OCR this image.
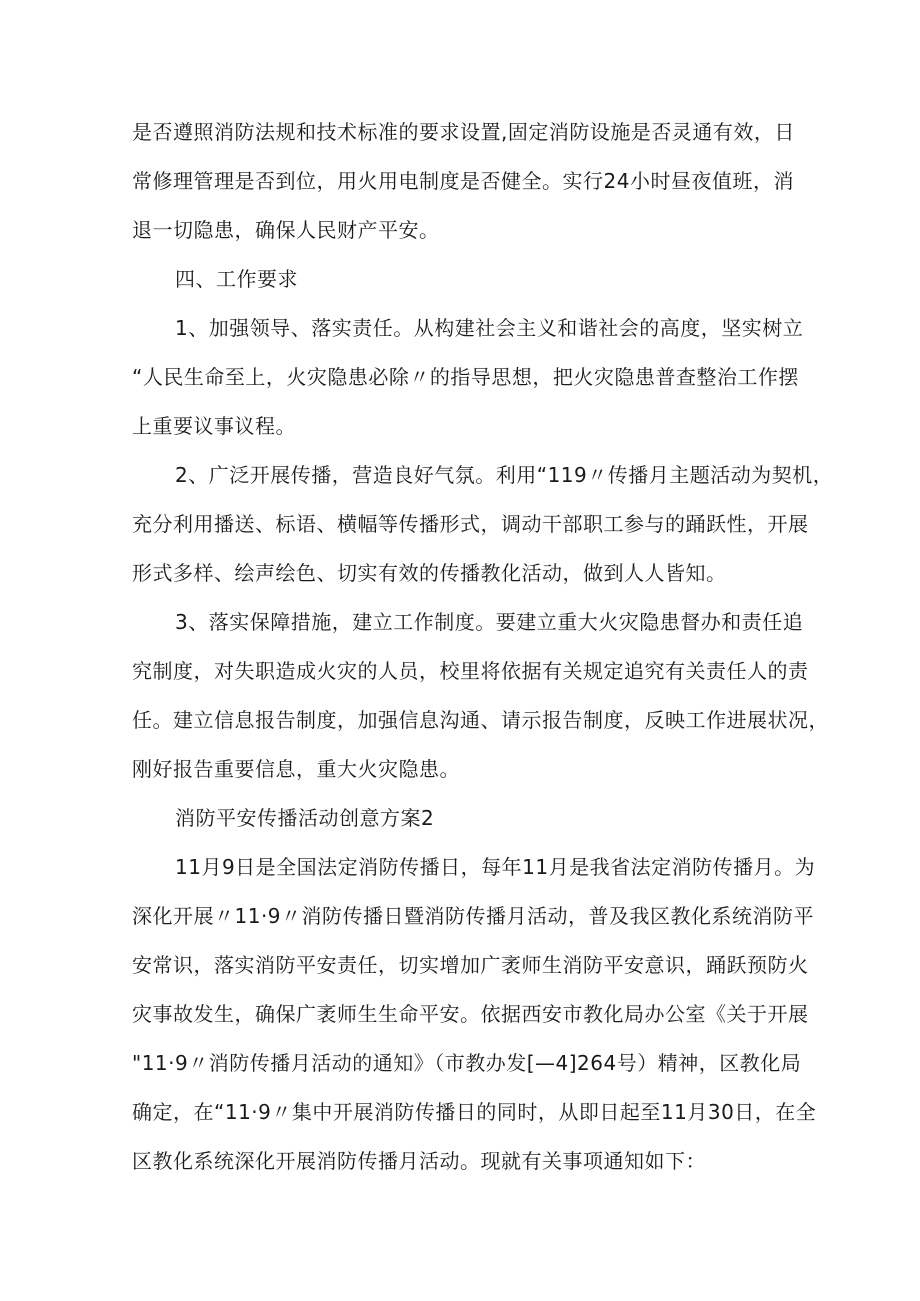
是否遵照消防法规和技术标准的要求设置,固定消防设施是否灵通有效，日
常修理管理是否到位，用火用电制度是否健全。实行24小时昼夜值班，消
退一切隐患，确保人民财产平安。
四、工作要求
1、加强领导、落实责任。从构建社会主义和谐社会的高度，坚实树立
“人民生命至上，火灾隐患必除〃的指导思想，把火灾隐患普查整治工作摆
上重要议事议程。
2、广泛开展传播，营造良好气氛。利用“119〃传播月主题活动为契机，
充分利用播送、标语、横幅等传播形式，调动干部职工参与的踊跃性，开展
形式多样、绘声绘色、切实有效的传播教化活动，做到人人皆知。
3、落实保障措施，建立工作制度。要建立重大火灾隐患督办和责任追
究制度，对失职造成火灾的人员，校里将依据有关规定追究有关责任人的责
任。建立信息报告制度，加强信息沟通、请示报告制度，反映工作进展状况，
刚好报告重要信息，重大火灾隐患。
消防平安传播活动创意方案2
11月9日是全国法定消防传播日，每年11月是我省法定消防传播月。为
深化开展〃11·9〃消防传播日暨消防传播月活动，普及我区教化系统消防平
安常识，落实消防平安责任，切实增加广袤师生消防平安意识，踊跃预防火
灾事故发生，确保广袤师生生命平安。依据西安市教化局办公室《关于开展
"11·9〃消防传播月活动的通知》（市教办发[—4]264号）精神，区教化局
确定，在“11·9〃集中开展消防传播日的同时，从即日起至11月30日，在全
区教化系统深化开展消防传播月活动。现就有关事项通知如下：
